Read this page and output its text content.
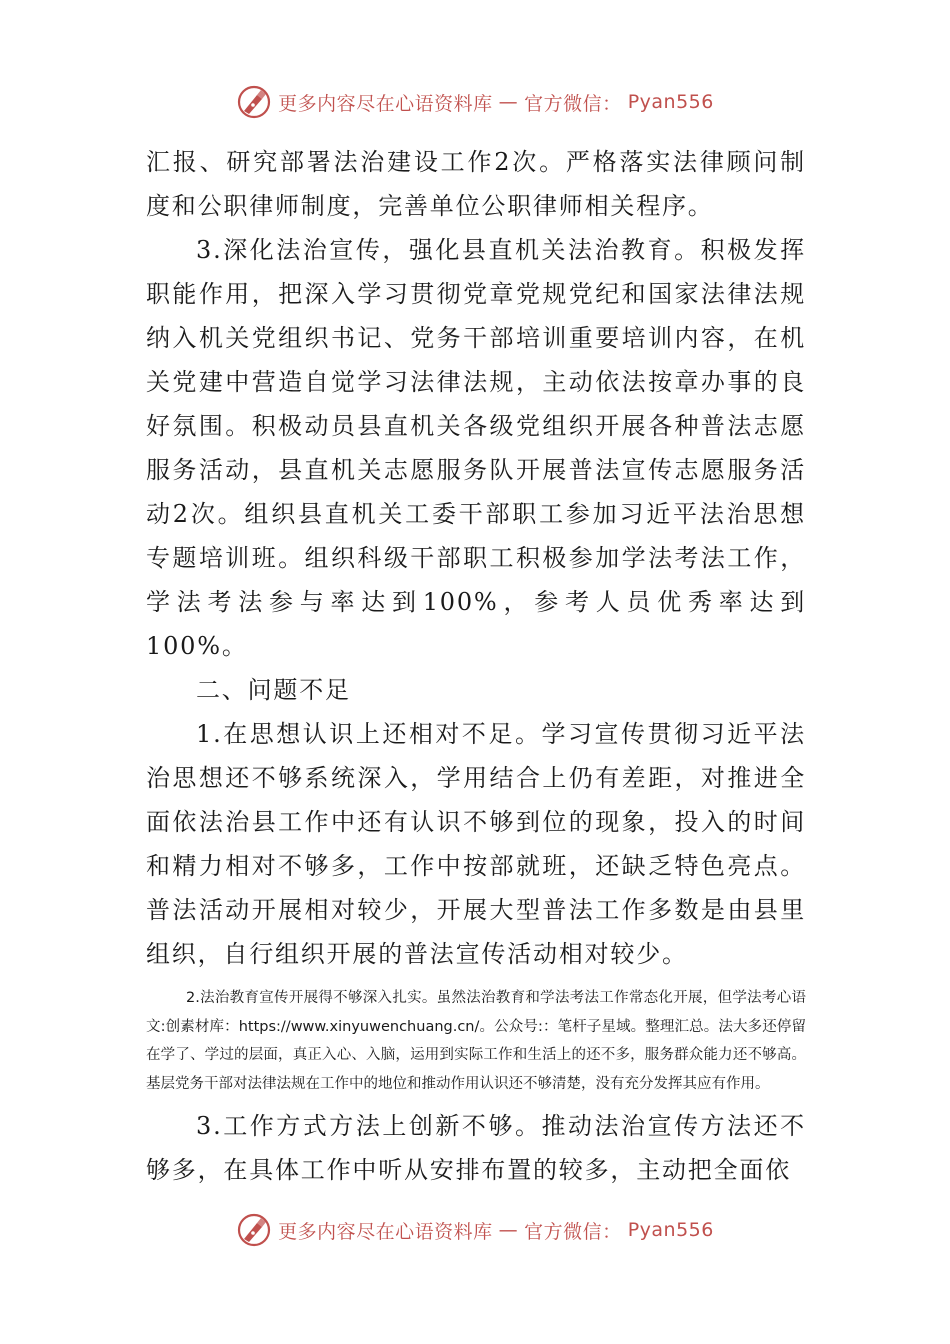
更多内容尽在心语资料库 — 官方微信： Pyan556

汇报、研究部署法治建设工作2次。严格落实法律顾问制度和公职律师制度，完善单位公职律师相关程序。

3.深化法治宣传，强化县直机关法治教育。积极发挥职能作用，把深入学习贯彻党章党规党纪和国家法律法规纳入机关党组织书记、党务干部培训重要培训内容，在机关党建中营造自觉学习法律法规，主动依法按章办事的良好氛围。积极动员县直机关各级党组织开展各种普法志愿服务活动，县直机关志愿服务队开展普法宣传志愿服务活动2次。组织县直机关工委干部职工参加习近平法治思想专题培训班。组织科级干部职工积极参加学法考法工作，学法考法参与率达到100%，参考人员优秀率达到100%。

二、问题不足

1.在思想认识上还相对不足。学习宣传贯彻习近平法治思想还不够系统深入，学用结合上仍有差距，对推进全面依法治县工作中还有认识不够到位的现象，投入的时间和精力相对不够多，工作中按部就班，还缺乏特色亮点。普法活动开展相对较少，开展大型普法工作多数是由县里组织，自行组织开展的普法宣传活动相对较少。

2.法治教育宣传开展得不够深入扎实。虽然法治教育和学法考法工作常态化开展，但学法考心语文:创素材库：https://www.xinyuwenchuang.cn/。公众号:：笔杆子星域。整理汇总。法大多还停留在学了、学过的层面，真正入心、入脑，运用到实际工作和生活上的还不多，服务群众能力还不够高。基层党务干部对法律法规在工作中的地位和推动作用认识还不够清楚，没有充分发挥其应有作用。

3.工作方式方法上创新不够。推动法治宣传方法还不够多，在具体工作中听从安排布置的较多，主动把全面依

更多内容尽在心语资料库 — 官方微信： Pyan556
